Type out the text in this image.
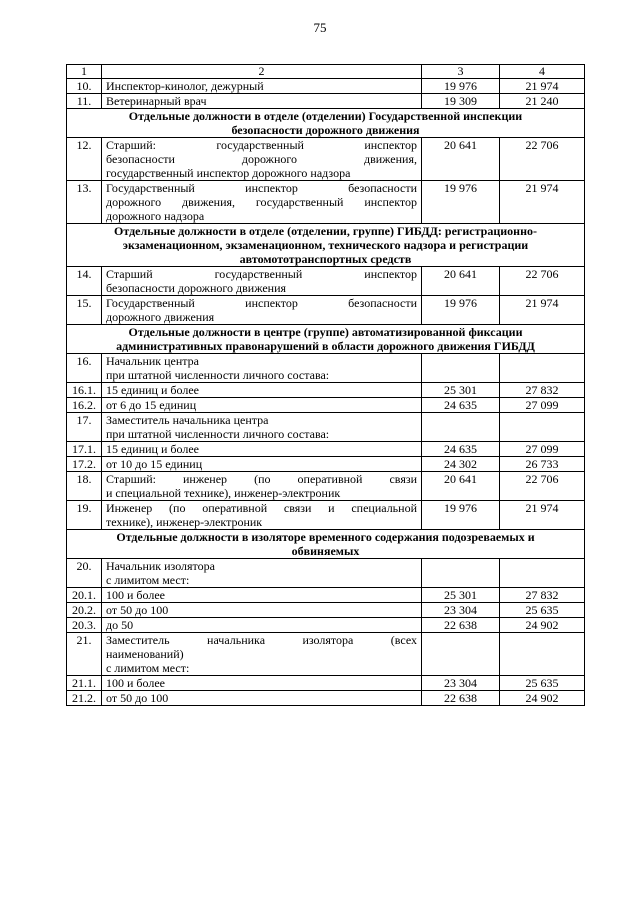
75
1	2	3	4
10.	Инспектор-кинолог, дежурный	19 976	21 974
11.	Ветеринарный врач	19 309	21 240

Отдельные должности в отделе (отделении) Государственной инспекции
безопасности дорожного движения			

12.	Старший: государственный инспектор
безопасности дорожного движения,
государственный инспектор дорожного надзора	20 641	22 706
13.	Государственный инспектор безопасности
дорожного движения, государственный инспектор
дорожного надзора	19 976	21 974

Отдельные должности в отделе (отделении, группе) ГИБДД: регистрационно-
экзаменационном, экзаменационном, технического надзора и регистрации
автомототранспортных средств			

14.	Старший государственный инспектор
безопасности дорожного движения	20 641	22 706
15.	Государственный инспектор безопасности
дорожного движения	19 976	21 974

Отдельные должности в центре (группе) автоматизированной фиксации
административных правонарушений в области дорожного движения ГИБДД			

16.	Начальник центра
при штатной численности личного состава:		

16.1.	15 единиц и более	25 301	27 832
16.2.	от 6 до 15 единиц	24 635	27 099
17.	Заместитель начальника центра
при штатной численности личного состава:		

17.1.	15 единиц и более	24 635	27 099
17.2.	от 10 до 15 единиц	24 302	26 733
18.	Старший: инженер (по оперативной связи
и специальной технике), инженер-электроник	20 641	22 706
19.	Инженер (по оперативной связи и специальной
технике), инженер-электроник	19 976	21 974

Отдельные должности в изоляторе временного содержания подозреваемых и
обвиняемых			

20.	Начальник изолятора
с лимитом мест:		

20.1.	100 и более	25 301	27 832
20.2.	от 50 до 100	23 304	25 635
20.3.	до 50	22 638	24 902
21.	Заместитель начальника изолятора (всех
наименований)
с лимитом мест:		

21.1.	100 и более	23 304	25 635
21.2.	от 50 до 100	22 638	24 902
